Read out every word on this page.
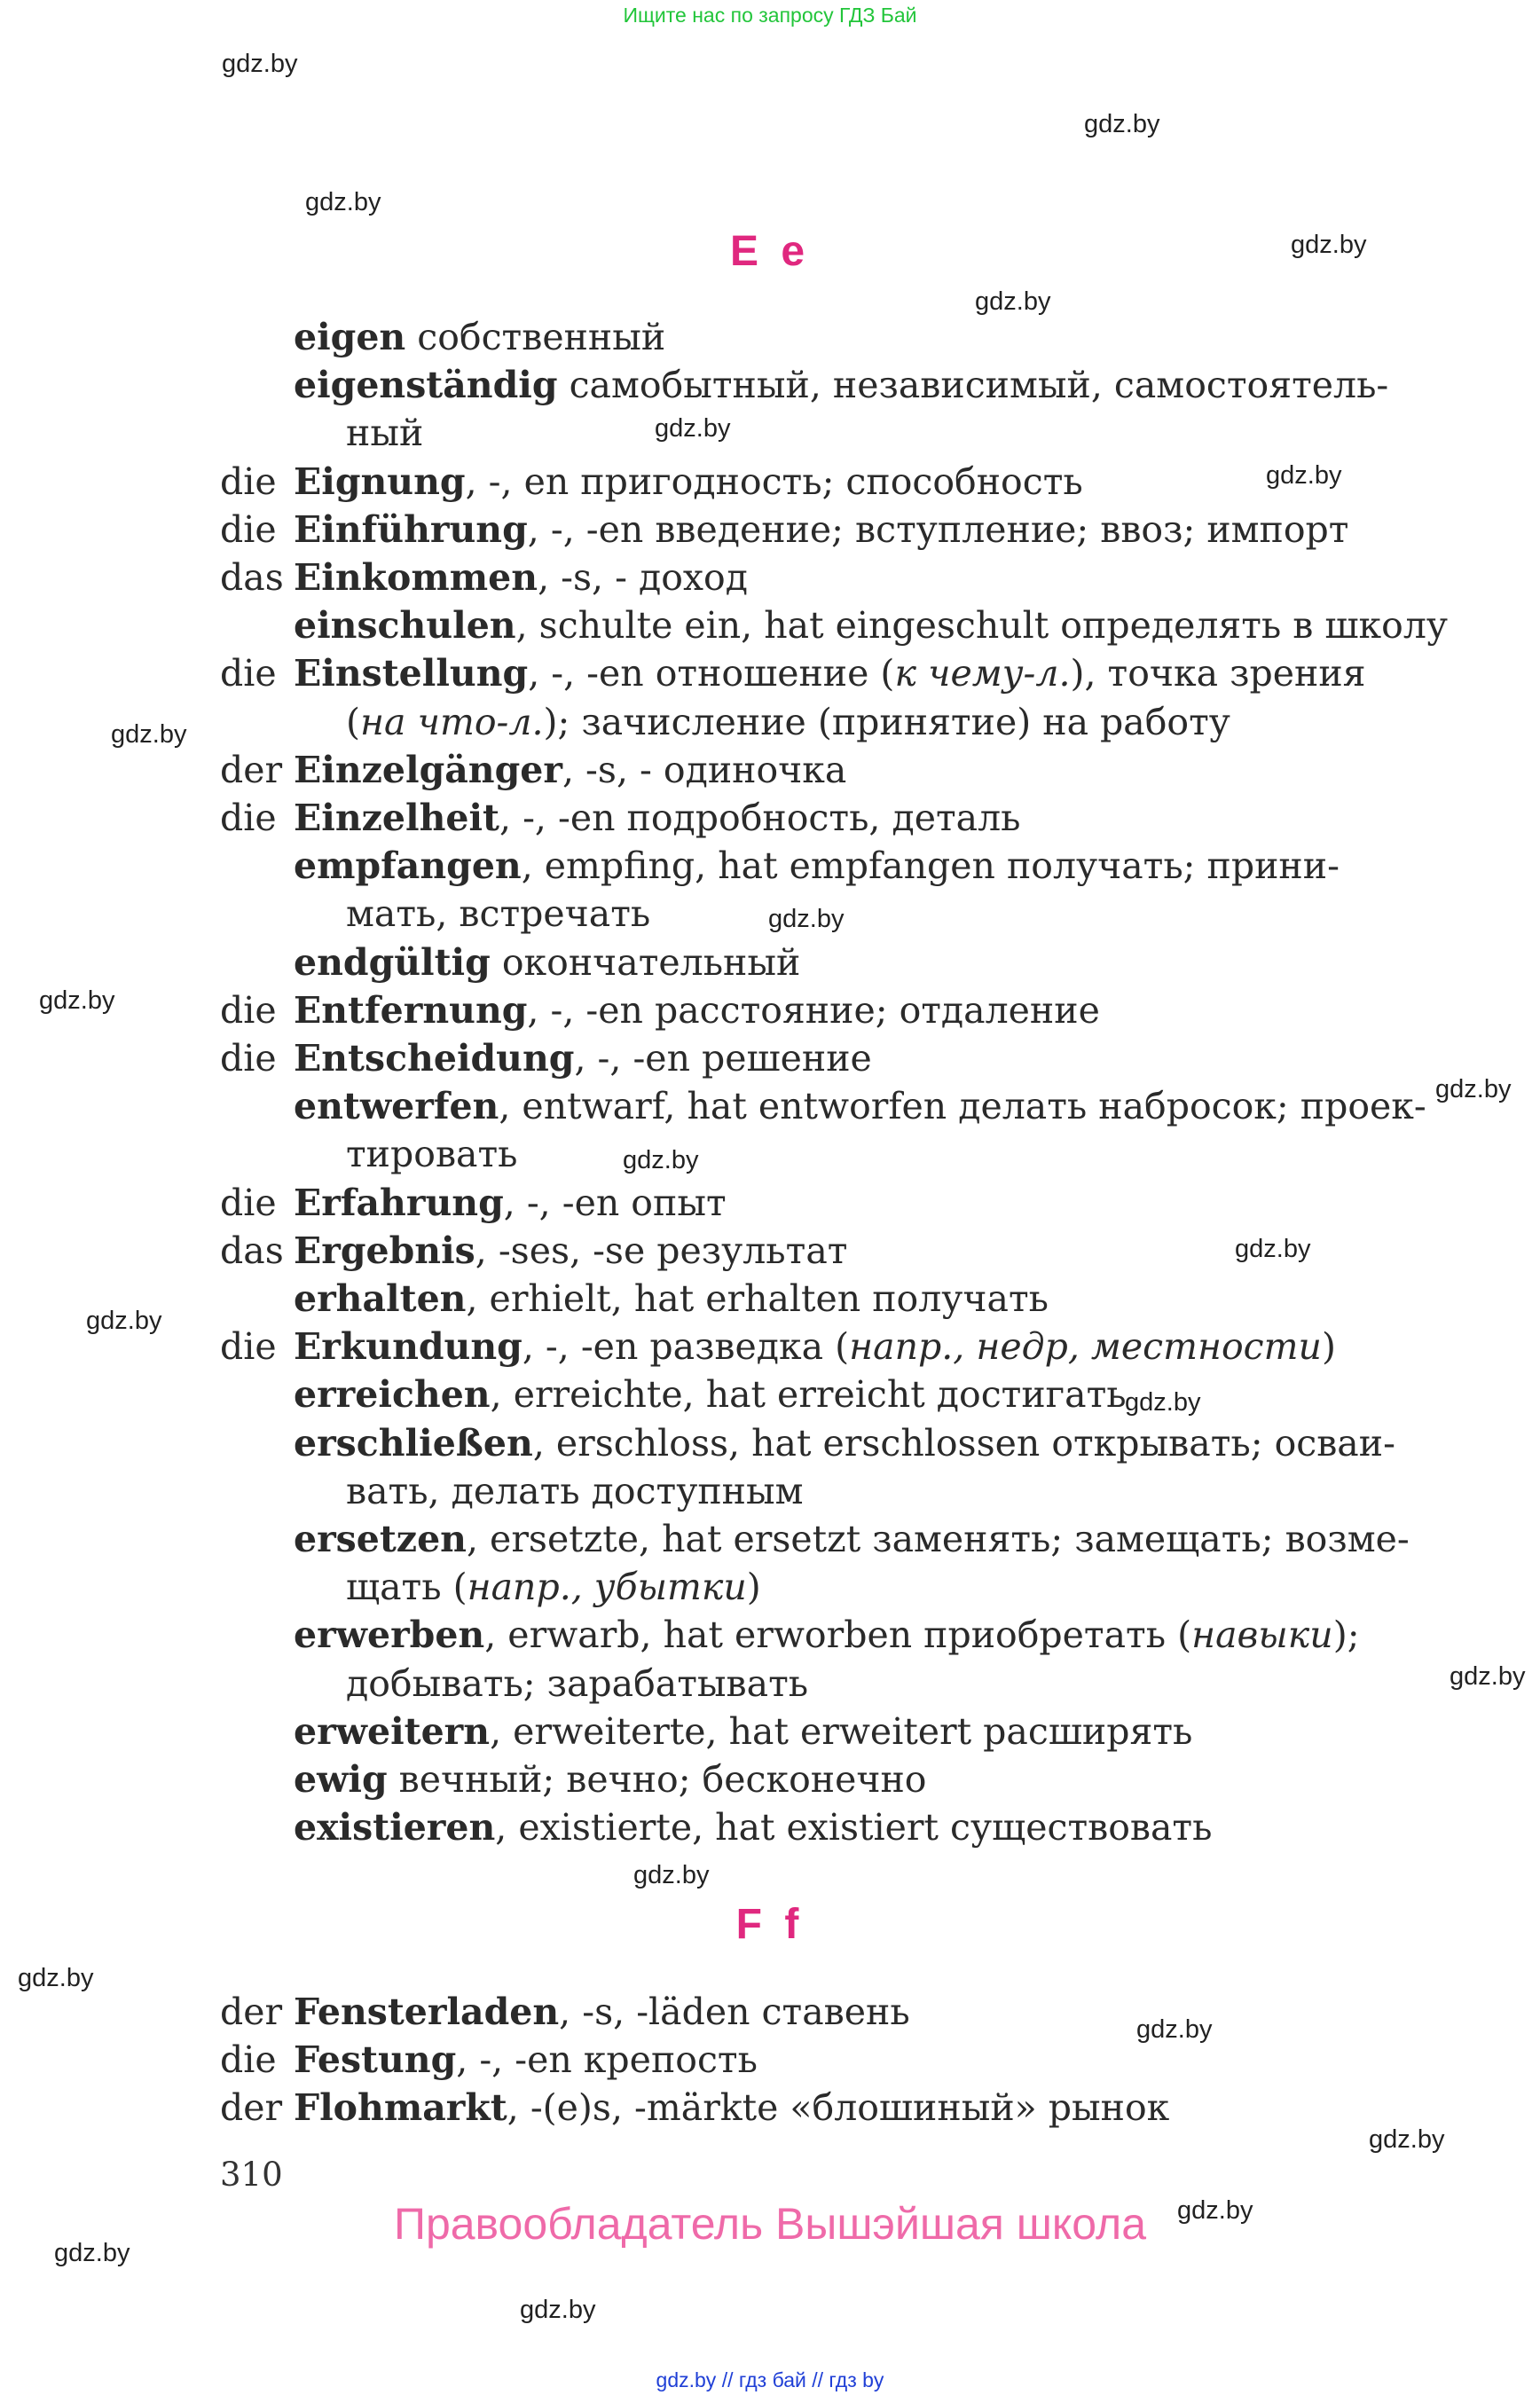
Ищите нас по запросу ГДЗ Бай
gdz.by
gdz.by
gdz.by
gdz.by
gdz.by
gdz.by
gdz.by
gdz.by
gdz.by
gdz.by
gdz.by
gdz.by
gdz.by
gdz.by
gdz.by
gdz.by
gdz.by
gdz.by
gdz.by
gdz.by
gdz.by
gdz.by
gdz.by
E e
eigen собственный
eigenständig самобытный, независимый, самостоятель-
ный
die Eignung, -, en пригодность; способность
die Einführung, -, -en введение; вступление; ввоз; импорт
das Einkommen, -s, - доход
einschulen, schulte ein, hat eingeschult определять в школу
die Einstellung, -, -en отношение (к чему-л.), точка зрения
(на что-л.); зачисление (принятие) на работу
der Einzelgänger, -s, - одиночка
die Einzelheit, -, -en подробность, деталь
empfangen, empfing, hat empfangen получать; прини-
мать, встречать
endgültig окончательный
die Entfernung, -, -en расстояние; отдаление
die Entscheidung, -, -en решение
entwerfen, entwarf, hat entworfen делать набросок; проек-
тировать
die Erfahrung, -, -en опыт
das Ergebnis, -ses, -se результат
erhalten, erhielt, hat erhalten получать
die Erkundung, -, -en разведка (напр., недр, местности)
erreichen, erreichte, hat erreicht достигать
erschließen, erschloss, hat erschlossen открывать; осваи-
вать, делать доступным
ersetzen, ersetzte, hat ersetzt заменять; замещать; возме-
щать (напр., убытки)
erwerben, erwarb, hat erworben приобретать (навыки);
добывать; зарабатывать
erweitern, erweiterte, hat erweitert расширять
ewig вечный; вечно; бесконечно
existieren, existierte, hat existiert существовать
F f
der Fensterladen, -s, -läden ставень
die Festung, -, -en крепость
der Flohmarkt, -(e)s, -märkte «блошиный» рынок
310
Правообладатель Вышэйшая школа
gdz.by // гдз бай // гдз by
